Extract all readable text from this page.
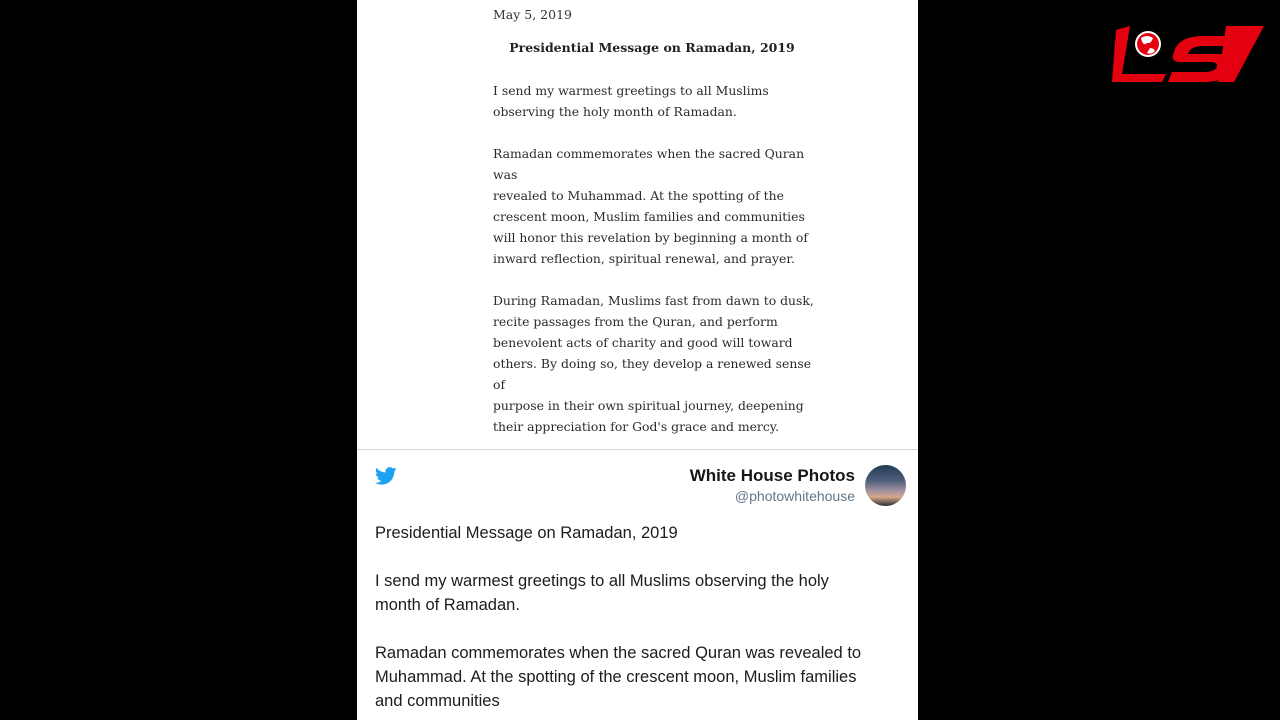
May 5, 2019
Presidential Message on Ramadan, 2019

I send my warmest greetings to all Muslims
observing the holy month of Ramadan.

Ramadan commemorates when the sacred Quran was
revealed to Muhammad. At the spotting of the
crescent moon, Muslim families and communities
will honor this revelation by beginning a month of
inward reflection, spiritual renewal, and prayer.

During Ramadan, Muslims fast from dawn to dusk,
recite passages from the Quran, and perform
benevolent acts of charity and good will toward
others. By doing so, they develop a renewed sense of
purpose in their own spiritual journey, deepening
their appreciation for God's grace and mercy.

White House Photos
@photowhitehouse

Presidential Message on Ramadan, 2019

I send my warmest greetings to all Muslims observing the holy
month of Ramadan.

Ramadan commemorates when the sacred Quran was revealed to
Muhammad. At the spotting of the crescent moon, Muslim families
and communities
